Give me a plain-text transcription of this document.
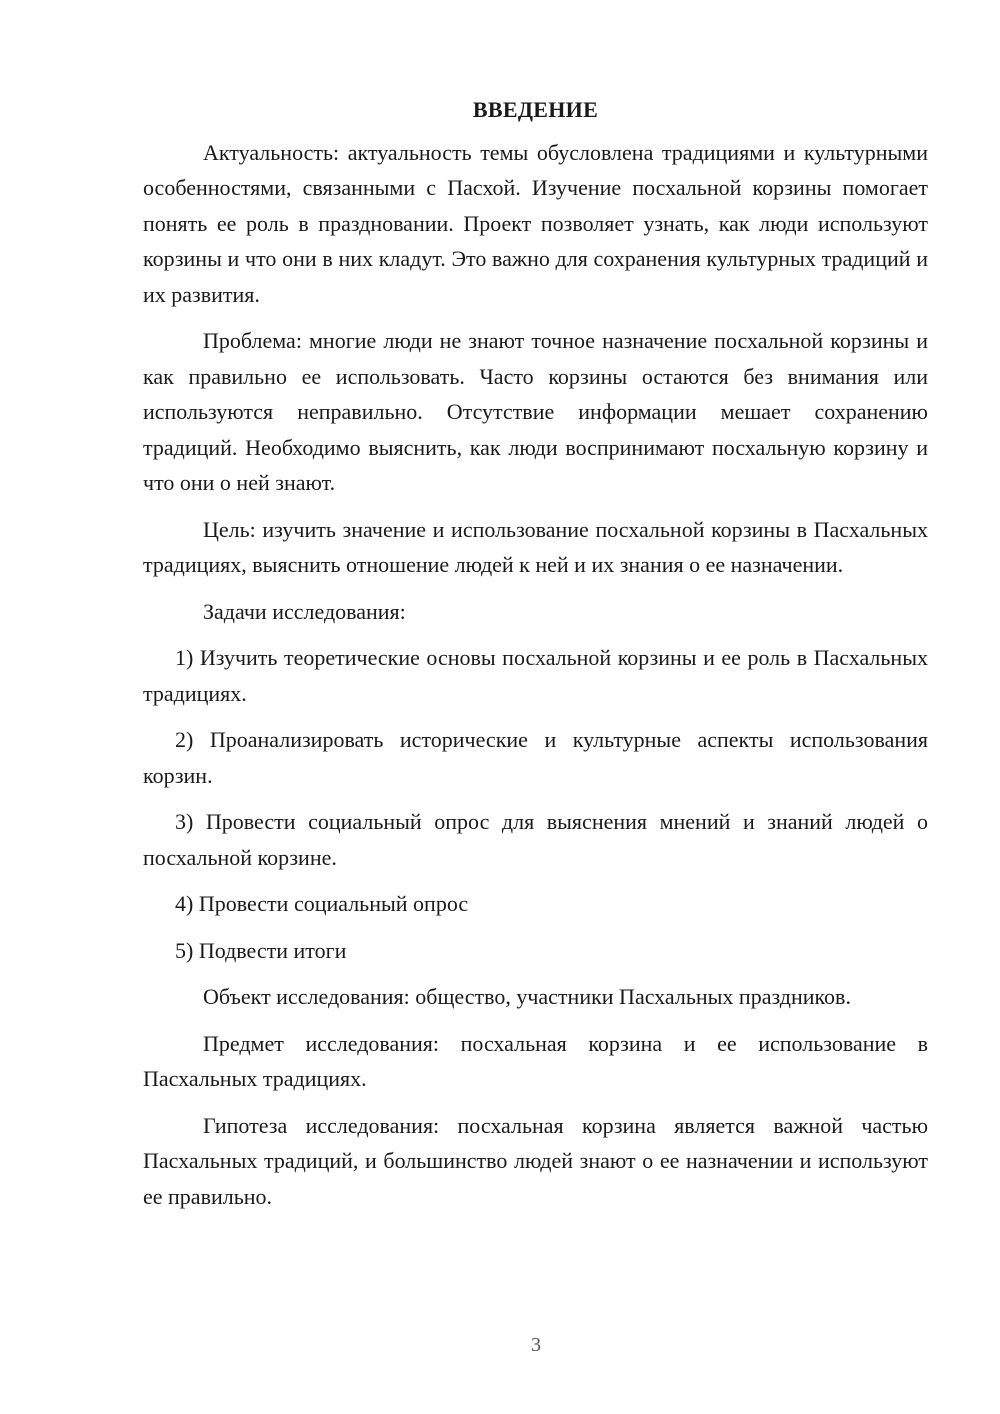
ВВЕДЕНИЕ

Актуальность: актуальность темы обусловлена традициями и культурными особенностями, связанными с Пасхой. Изучение посхальной корзины помогает понять ее роль в праздновании. Проект позволяет узнать, как люди используют корзины и что они в них кладут. Это важно для сохранения культурных традиций и их развития.

Проблема: многие люди не знают точное назначение посхальной корзины и как правильно ее использовать. Часто корзины остаются без внимания или используются неправильно. Отсутствие информации мешает сохранению традиций. Необходимо выяснить, как люди воспринимают посхальную корзину и что они о ней знают.

Цель: изучить значение и использование посхальной корзины в Пасхальных традициях, выяснить отношение людей к ней и их знания о ее назначении.

Задачи исследования:

1) Изучить теоретические основы посхальной корзины и ее роль в Пасхальных традициях.

2) Проанализировать исторические и культурные аспекты использования корзин.

3) Провести социальный опрос для выяснения мнений и знаний людей о посхальной корзине.

4) Провести социальный опрос

5) Подвести итоги

Объект исследования: общество, участники Пасхальных праздников.

Предмет исследования: посхальная корзина и ее использование в Пасхальных традициях.

Гипотеза исследования: посхальная корзина является важной частью Пасхальных традиций, и большинство людей знают о ее назначении и используют ее правильно.

3
